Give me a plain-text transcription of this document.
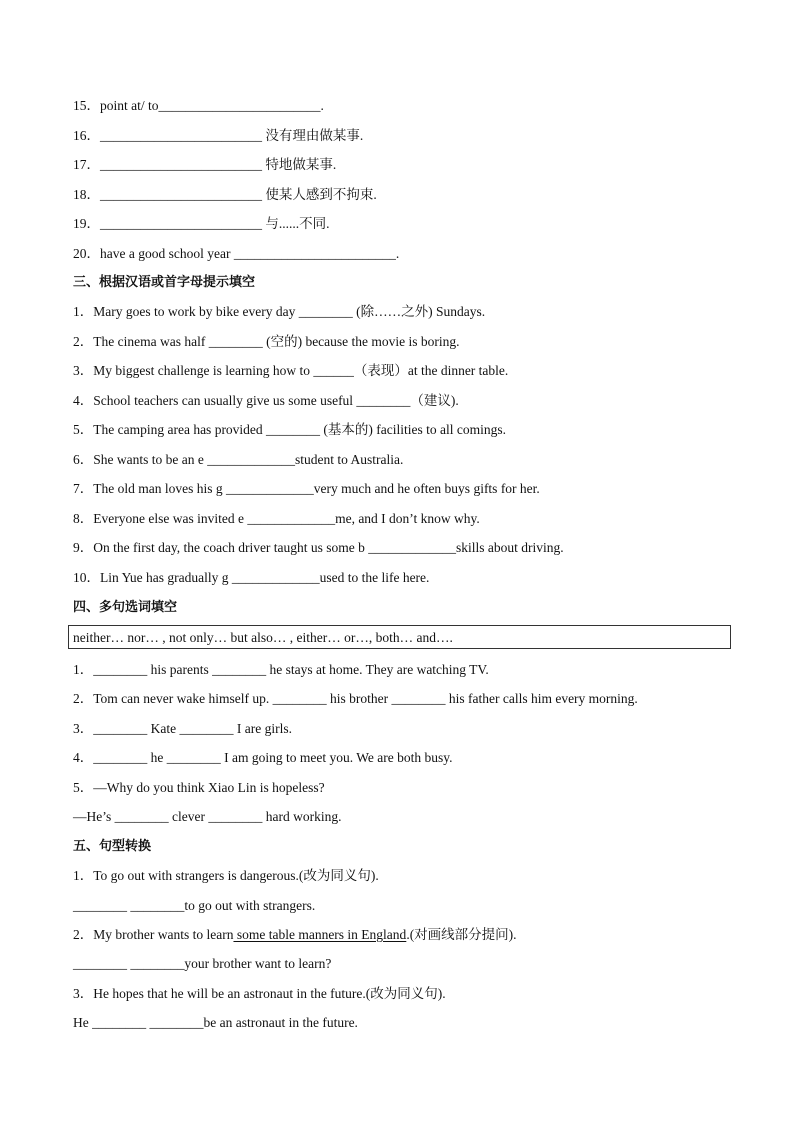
15．point at/ to________________________.
16．________________________ 没有理由做某事.
17．________________________ 特地做某事.
18．________________________ 使某人感到不拘束.
19．________________________ 与......不同.
20．have a good school year ________________________.
三、根据汉语或首字母提示填空
1．Mary goes to work by bike every day ________ (除……之外) Sundays.
2．The cinema was half ________ (空的) because the movie is boring.
3．My biggest challenge is learning how to ______（表现）at the dinner table.
4．School teachers can usually give us some useful ________（建议).
5．The camping area has provided ________ (基本的) facilities to all comings.
6．She wants to be an e _____________student to Australia.
7．The old man loves his g _____________very much and he often buys gifts for her.
8．Everyone else was invited e _____________me, and I don’t know why.
9．On the first day, the coach driver taught us some b _____________skills about driving.
10．Lin Yue has gradually g _____________used to the life here.
四、多句选词填空
neither… nor… , not only… but also… , either… or…, both… and….
1．________ his parents ________ he stays at home. They are watching TV.
2．Tom can never wake himself up. ________ his brother ________ his father calls him every morning.
3．________ Kate ________ I are girls.
4．________ he ________ I am going to meet you. We are both busy.
5．—Why do you think Xiao Lin is hopeless?
—He’s ________ clever ________ hard working.
五、句型转换
1．To go out with strangers is dangerous.(改为同义句).
________ ________to go out with strangers.
2．My brother wants to learn some table manners in England.(对画线部分提问).
________ ________your brother want to learn?
3．He hopes that he will be an astronaut in the future.(改为同义句).
He ________ ________be an astronaut in the future.
